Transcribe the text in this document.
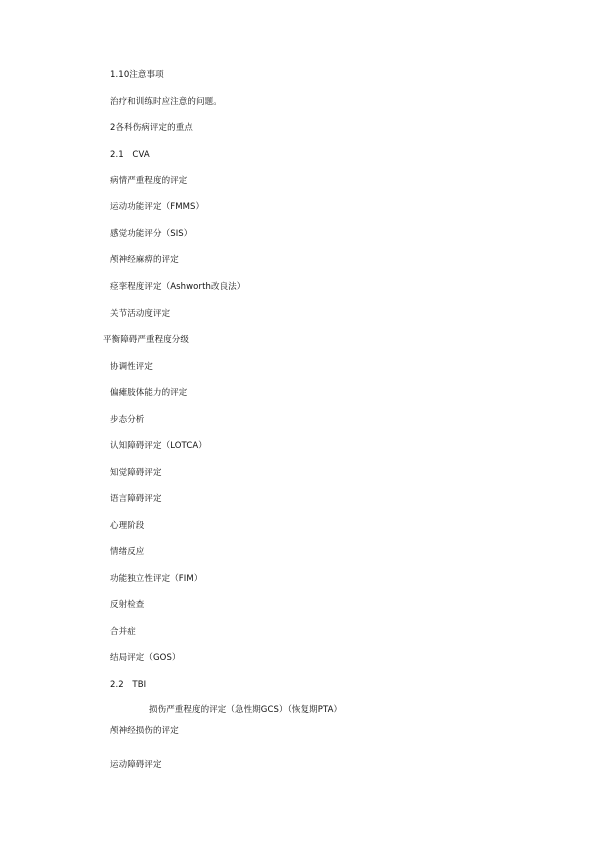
1.10注意事项
治疗和训练时应注意的问题。
2各科伤病评定的重点
2.1　CVA
病情严重程度的评定
运动功能评定（FMMS）
感觉功能评分（SIS）
颅神经麻痹的评定
痉挛程度评定（Ashworth改良法）
关节活动度评定
平衡障碍严重程度分级
协调性评定
偏瘫肢体能力的评定
步态分析
认知障碍评定（LOTCA）
知觉障碍评定
语言障碍评定
心理阶段
情绪反应
功能独立性评定（FIM）
反射检查
合并症
结局评定（GOS）
2.2　TBI
损伤严重程度的评定（急性期GCS）（恢复期PTA）
颅神经损伤的评定
运动障碍评定
